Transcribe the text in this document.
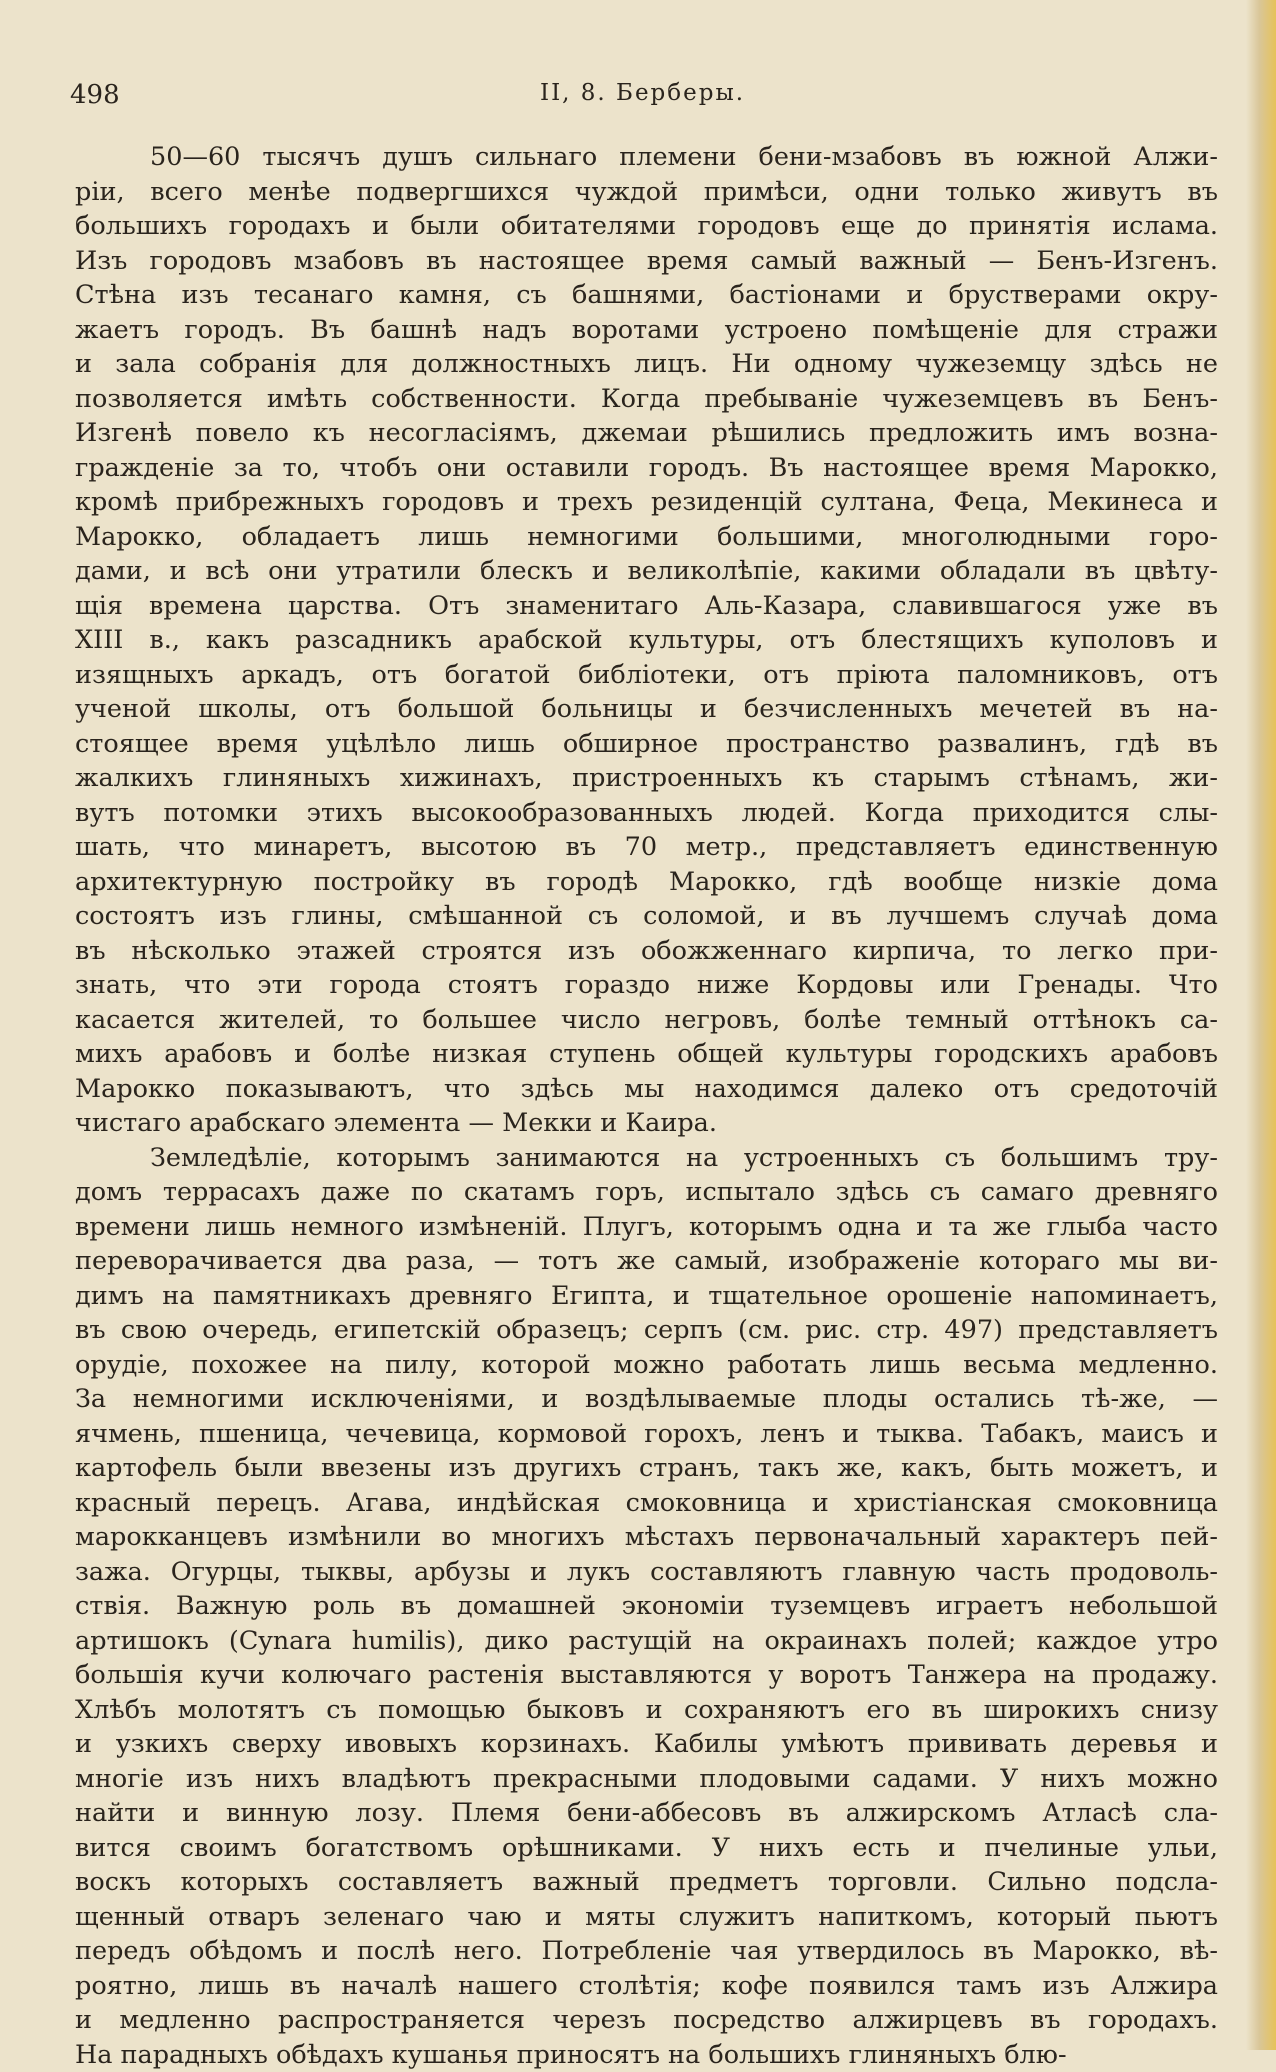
498	II, 8. Берберы.

50—60 тысячъ душъ сильнаго племени бени-мзабовъ въ южной Алжи-
ріи, всего менѣе подвергшихся чуждой примѣси, одни только живутъ въ
большихъ городахъ и были обитателями городовъ еще до принятія ислама.
Изъ городовъ мзабовъ въ настоящее время самый важный — Бенъ-Изгенъ.
Стѣна изъ тесанаго камня, съ башнями, бастіонами и брустверами окру-
жаетъ городъ. Въ башнѣ надъ воротами устроено помѣщеніе для стражи
и зала собранія для должностныхъ лицъ. Ни одному чужеземцу здѣсь не
позволяется имѣть собственности. Когда пребываніе чужеземцевъ въ Бенъ-
Изгенѣ повело къ несогласіямъ, джемаи рѣшились предложить имъ возна-
гражденіе за то, чтобъ они оставили городъ. Въ настоящее время Марокко,
кромѣ прибрежныхъ городовъ и трехъ резиденцій султана, Феца, Мекинеса и
Марокко, обладаетъ лишь немногими большими, многолюдными горо-
дами, и всѣ они утратили блескъ и великолѣпіе, какими обладали въ цвѣту-
щія времена царства. Отъ знаменитаго Аль-Казара, славившагося уже въ
XIII в., какъ разсадникъ арабской культуры, отъ блестящихъ куполовъ и
изящныхъ аркадъ, отъ богатой библіотеки, отъ пріюта паломниковъ, отъ
ученой школы, отъ большой больницы и безчисленныхъ мечетей въ на-
стоящее время уцѣлѣло лишь обширное пространство развалинъ, гдѣ въ
жалкихъ глиняныхъ хижинахъ, пристроенныхъ къ старымъ стѣнамъ, жи-
вутъ потомки этихъ высокообразованныхъ людей. Когда приходится слы-
шать, что минаретъ, высотою въ 70 метр., представляетъ единственную
архитектурную постройку въ городѣ Марокко, гдѣ вообще низкіе дома
состоятъ изъ глины, смѣшанной съ соломой, и въ лучшемъ случаѣ дома
въ нѣсколько этажей строятся изъ обожженнаго кирпича, то легко при-
знать, что эти города стоятъ гораздо ниже Кордовы или Гренады. Что
касается жителей, то большее число негровъ, болѣе темный оттѣнокъ са-
михъ арабовъ и болѣе низкая ступень общей культуры городскихъ арабовъ
Марокко показываютъ, что здѣсь мы находимся далеко отъ средоточій
чистаго арабскаго элемента — Мекки и Каира.

Земледѣліе, которымъ занимаются на устроенныхъ съ большимъ тру-
домъ террасахъ даже по скатамъ горъ, испытало здѣсь съ самаго древняго
времени лишь немного измѣненій. Плугъ, которымъ одна и та же глыба часто
переворачивается два раза, — тотъ же самый, изображеніе котораго мы ви-
димъ на памятникахъ древняго Египта, и тщательное орошеніе напоминаетъ,
въ свою очередь, египетскій образецъ; серпъ (см. рис. стр. 497) представляетъ
орудіе, похожее на пилу, которой можно работать лишь весьма медленно.
За немногими исключеніями, и воздѣлываемые плоды остались тѣ-же, —
ячмень, пшеница, чечевица, кормовой горохъ, ленъ и тыква. Табакъ, маисъ и
картофель были ввезены изъ другихъ странъ, такъ же, какъ, быть можетъ, и
красный перецъ. Агава, индѣйская смоковница и христіанская смоковница
марокканцевъ измѣнили во многихъ мѣстахъ первоначальный характеръ пей-
зажа. Огурцы, тыквы, арбузы и лукъ составляютъ главную часть продоволь-
ствія. Важную роль въ домашней экономіи туземцевъ играетъ небольшой
артишокъ (Cynara humilis), дико растущій на окраинахъ полей; каждое утро
большія кучи колючаго растенія выставляются у воротъ Танжера на продажу.
Хлѣбъ молотятъ съ помощью быковъ и сохраняютъ его въ широкихъ снизу
и узкихъ сверху ивовыхъ корзинахъ. Кабилы умѣютъ прививать деревья и
многіе изъ нихъ владѣютъ прекрасными плодовыми садами. У нихъ можно
найти и винную лозу. Племя бени-аббесовъ въ алжирскомъ Атласѣ сла-
вится своимъ богатствомъ орѣшниками. У нихъ есть и пчелиные ульи,
воскъ которыхъ составляетъ важный предметъ торговли. Сильно подсла-
щенный отваръ зеленаго чаю и мяты служитъ напиткомъ, который пьютъ
передъ обѣдомъ и послѣ него. Потребленіе чая утвердилось въ Марокко, вѣ-
роятно, лишь въ началѣ нашего столѣтія; кофе появился тамъ изъ Алжира
и медленно распространяется черезъ посредство алжирцевъ въ городахъ.
На парадныхъ обѣдахъ кушанья приносятъ на большихъ глиняныхъ блю-
